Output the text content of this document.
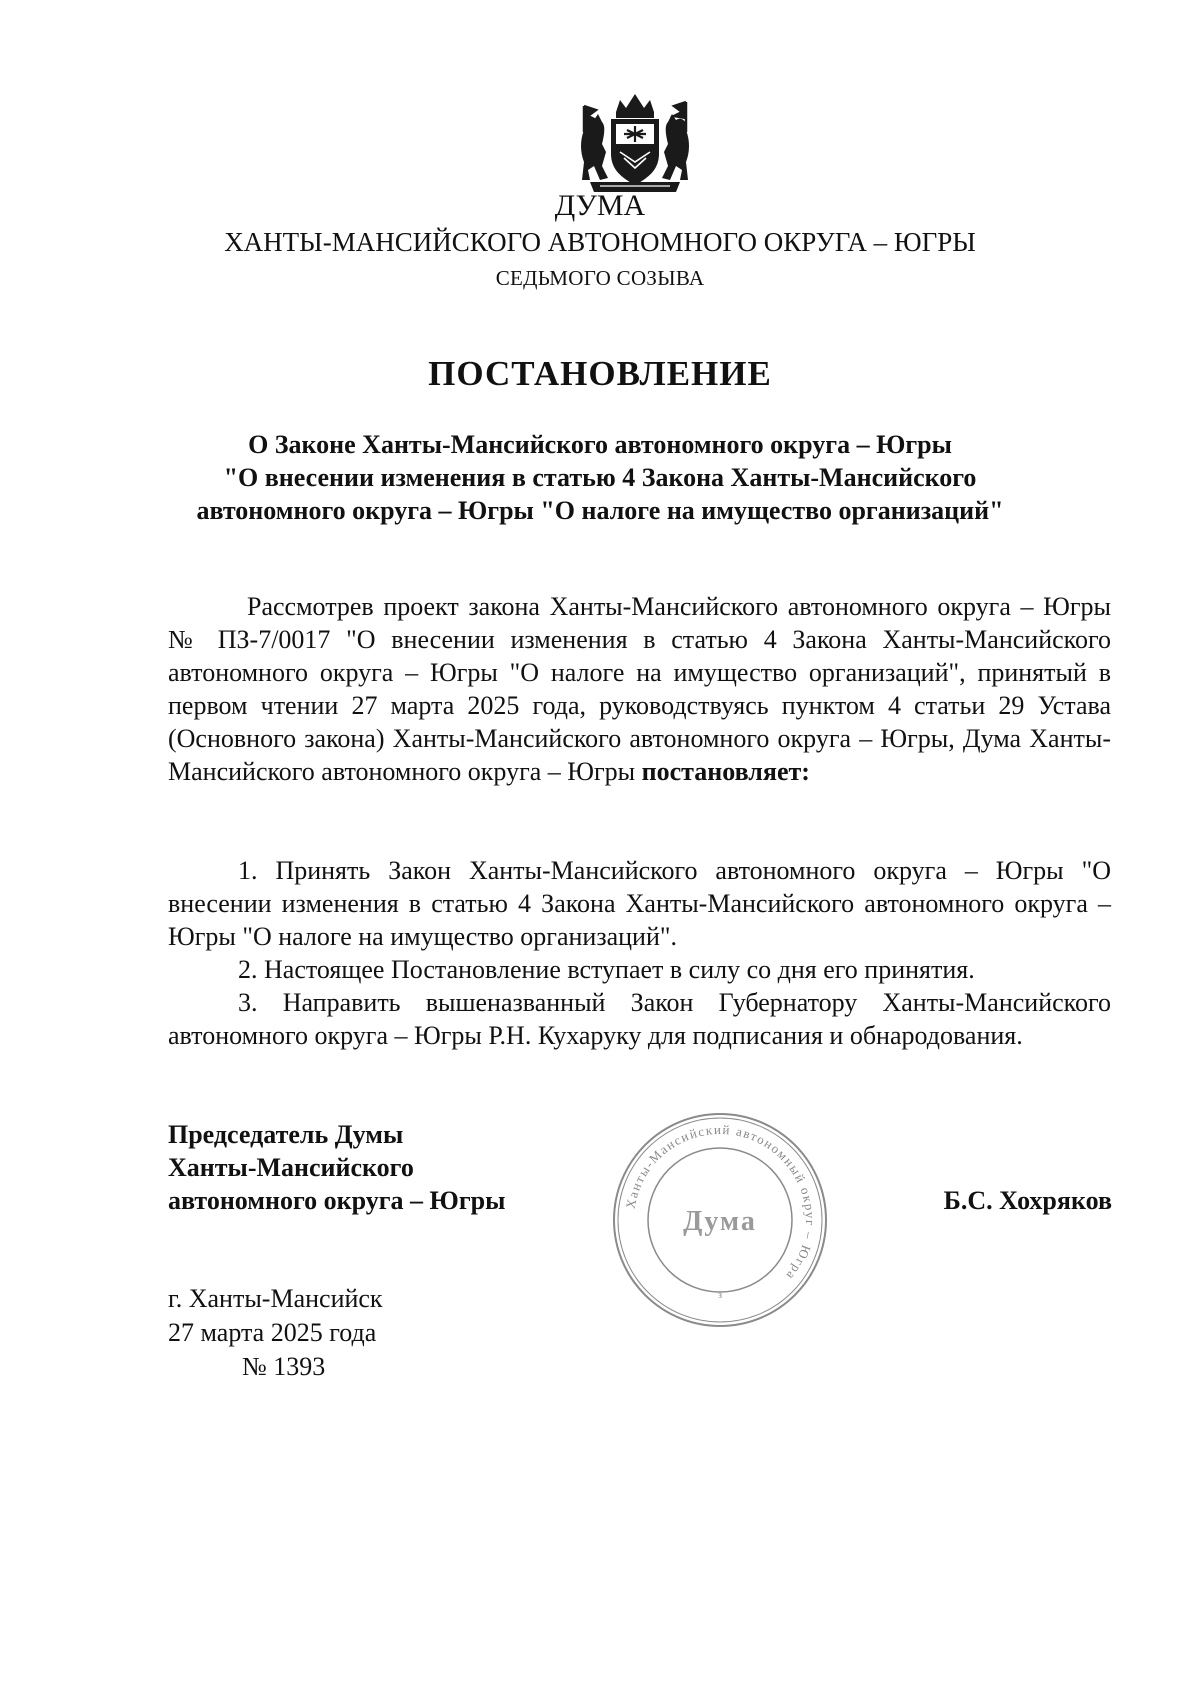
ДУМА
ХАНТЫ-МАНСИЙСКОГО АВТОНОМНОГО ОКРУГА – ЮГРЫ
СЕДЬМОГО СОЗЫВА
ПОСТАНОВЛЕНИЕ
О Законе Ханты-Мансийского автономного округа – Югры
"О внесении изменения в статью 4 Закона Ханты-Мансийского
автономного округа – Югры "О налоге на имущество организаций"

Рассмотрев проект закона Ханты-Мансийского автономного округа – Югры № ПЗ-7/0017 "О внесении изменения в статью 4 Закона Ханты-Мансийского автономного округа – Югры "О налоге на имущество организаций", принятый в первом чтении 27 марта 2025 года, руководствуясь пунктом 4 статьи 29 Устава (Основного закона) Ханты-Мансийского автономного округа – Югры, Дума Ханты-Мансийского автономного округа – Югры постановляет:

1. Принять Закон Ханты-Мансийского автономного округа – Югры "О внесении изменения в статью 4 Закона Ханты-Мансийского автономного округа – Югры "О налоге на имущество организаций".

2. Настоящее Постановление вступает в силу со дня его принятия.

3. Направить вышеназванный Закон Губернатору Ханты-Мансийского автономного округа – Югры Р.Н. Кухаруку для подписания и обнародования.

Председатель Думы
Ханты-Мансийского
автономного округа – Югры	Ханты-Мансийский автономный округ – Югра
Дума
з
Б.С. Хохряков
г. Ханты-Мансийск
27 марта 2025 года
№ 1393
